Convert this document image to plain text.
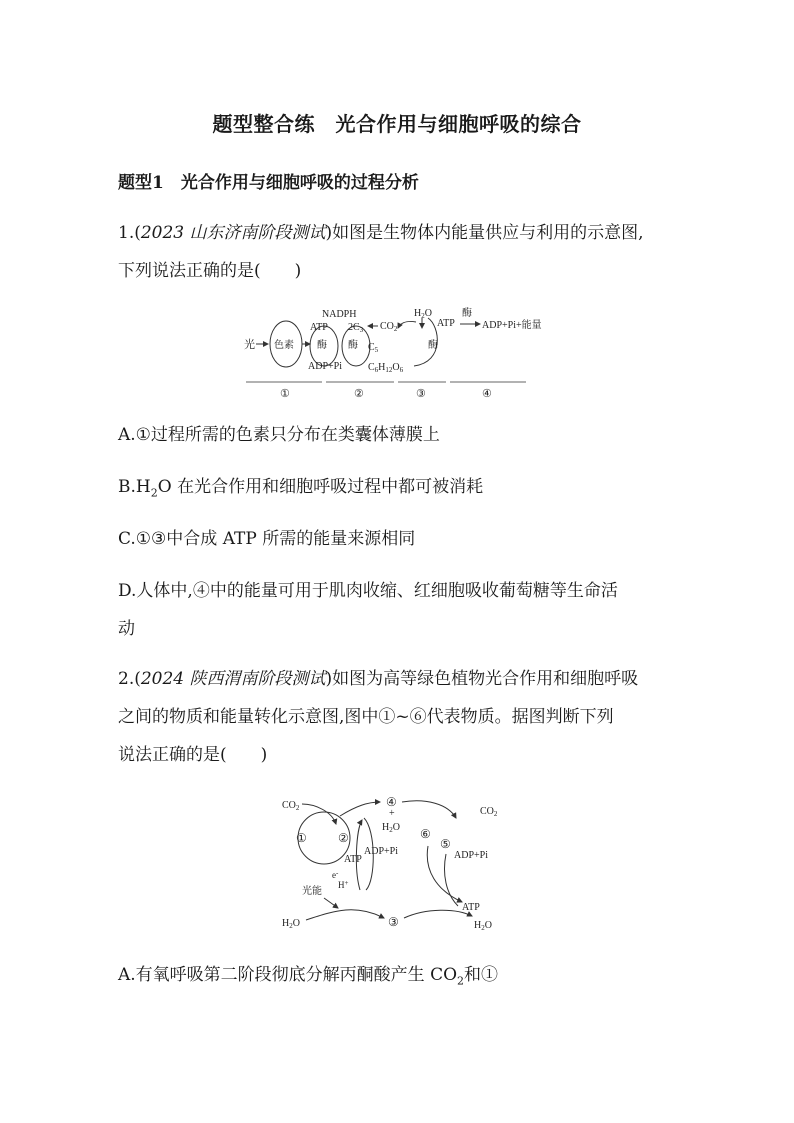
题型整合练　光合作用与细胞呼吸的综合
题型1　光合作用与细胞呼吸的过程分析
1.(2023 山东济南阶段测试)如图是生物体内能量供应与利用的示意图,
下列说法正确的是(　　)
光 色素
ATP
NADPH
酶
ADP+Pi
$2C_3$
酶 $C_5$
$CO_2$
$C_6H_{12}O_6$
$H_2O$
ATP
酶
酶
ADP+Pi+能量
①	②	③	④
A.①过程所需的色素只分布在类囊体薄膜上
$B.H_2O$ 在光合作用和细胞呼吸过程中都可被消耗
C.①③中合成 ATP 所需的能量来源相同
D.人体中,④中的能量可用于肌肉收缩、红细胞吸收葡萄糖等生命活
动
2.(2024 陕西渭南阶段测试)如图为高等绿色植物光合作用和细胞呼吸
之间的物质和能量转化示意图,图中①~⑥代表物质。据图判断下列
说法正确的是(　　)
$CO_2$
①	②
④
+
$H_2O$
ADP+Pi
ATP
e-
H+
光能
$H_2O$	③	$H_2O$
$CO_2$
⑥
⑤
ADP+Pi
ATP
A.有氧呼吸第二阶段彻底分解丙酮酸产生 $CO_2$和①
